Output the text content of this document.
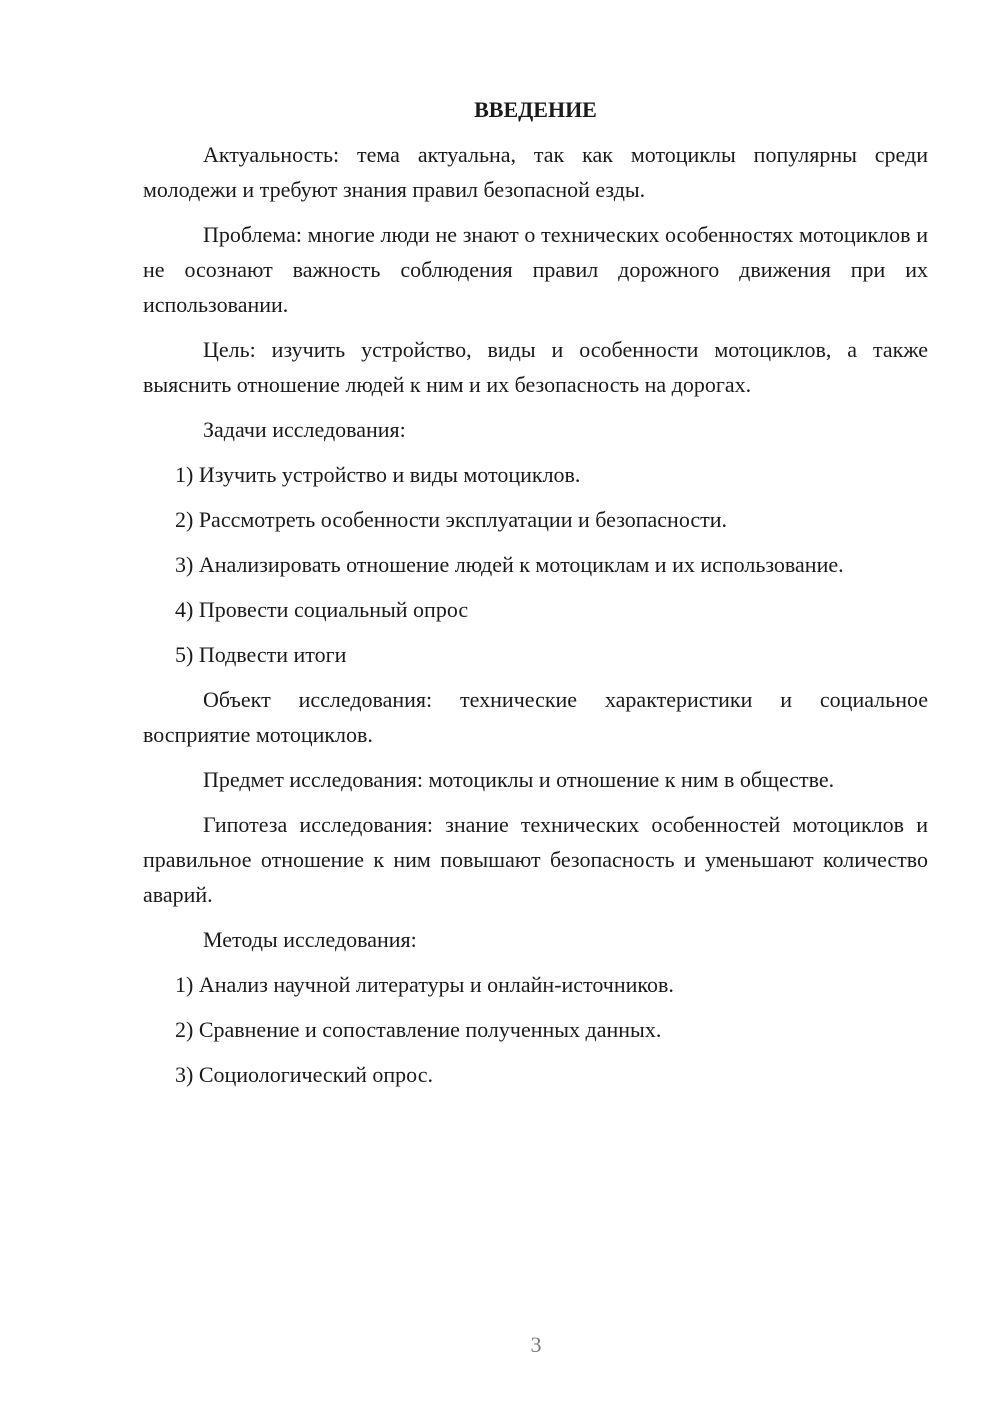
ВВЕДЕНИЕ
Актуальность: тема актуальна, так как мотоциклы популярны среди молодежи и требуют знания правил безопасной езды.
Проблема: многие люди не знают о технических особенностях мотоциклов и не осознают важность соблюдения правил дорожного движения при их использовании.
Цель: изучить устройство, виды и особенности мотоциклов, а также выяснить отношение людей к ним и их безопасность на дорогах.
Задачи исследования:
1) Изучить устройство и виды мотоциклов.
2) Рассмотреть особенности эксплуатации и безопасности.
3) Анализировать отношение людей к мотоциклам и их использование.
4) Провести социальный опрос
5) Подвести итоги
Объект исследования: технические характеристики и социальное восприятие мотоциклов.
Предмет исследования: мотоциклы и отношение к ним в обществе.
Гипотеза исследования: знание технических особенностей мотоциклов и правильное отношение к ним повышают безопасность и уменьшают количество аварий.
Методы исследования:
1) Анализ научной литературы и онлайн-источников.
2) Сравнение и сопоставление полученных данных.
3) Социологический опрос.
3
